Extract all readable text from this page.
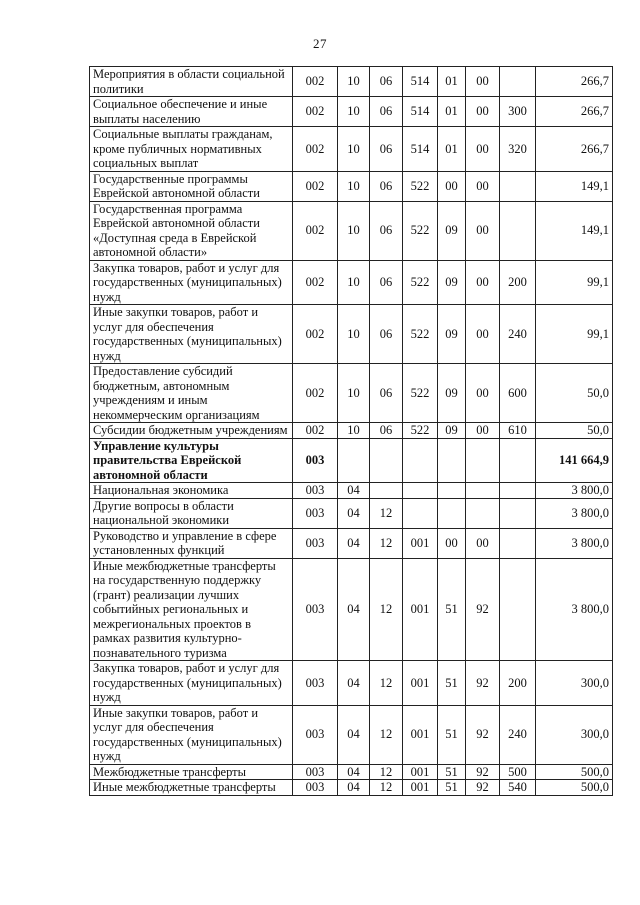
27
Мероприятия в области социальной политики	002	10	06	514	01	00		266,7
Социальное обеспечение и иные выплаты населению	002	10	06	514	01	00	300	266,7
Социальные выплаты гражданам, кроме публичных нормативных социальных выплат	002	10	06	514	01	00	320	266,7
Государственные программы Еврейской автономной области	002	10	06	522	00	00		149,1
Государственная программа Еврейской автономной области «Доступная среда в Еврейской автономной области»	002	10	06	522	09	00		149,1
Закупка товаров, работ и услуг для государственных (муниципальных) нужд	002	10	06	522	09	00	200	99,1
Иные закупки товаров, работ и услуг для обеспечения государственных (муниципальных) нужд	002	10	06	522	09	00	240	99,1
Предоставление субсидий бюджетным, автономным учреждениям и иным некоммерческим организациям	002	10	06	522	09	00	600	50,0
Субсидии бюджетным учреждениям	002	10	06	522	09	00	610	50,0
Управление культуры правительства Еврейской автономной области	003							141 664,9
Национальная экономика	003	04						3 800,0
Другие вопросы в области национальной экономики	003	04	12					3 800,0
Руководство и управление в сфере установленных функций	003	04	12	001	00	00		3 800,0
Иные межбюджетные трансферты на государственную поддержку (грант) реализации лучших событийных региональных и межрегиональных проектов в рамках развития культурно-познавательного туризма	003	04	12	001	51	92		3 800,0
Закупка товаров, работ и услуг для государственных (муниципальных) нужд	003	04	12	001	51	92	200	300,0
Иные закупки товаров, работ и услуг для обеспечения государственных (муниципальных) нужд	003	04	12	001	51	92	240	300,0
Межбюджетные трансферты	003	04	12	001	51	92	500	500,0
Иные межбюджетные трансферты	003	04	12	001	51	92	540	500,0
